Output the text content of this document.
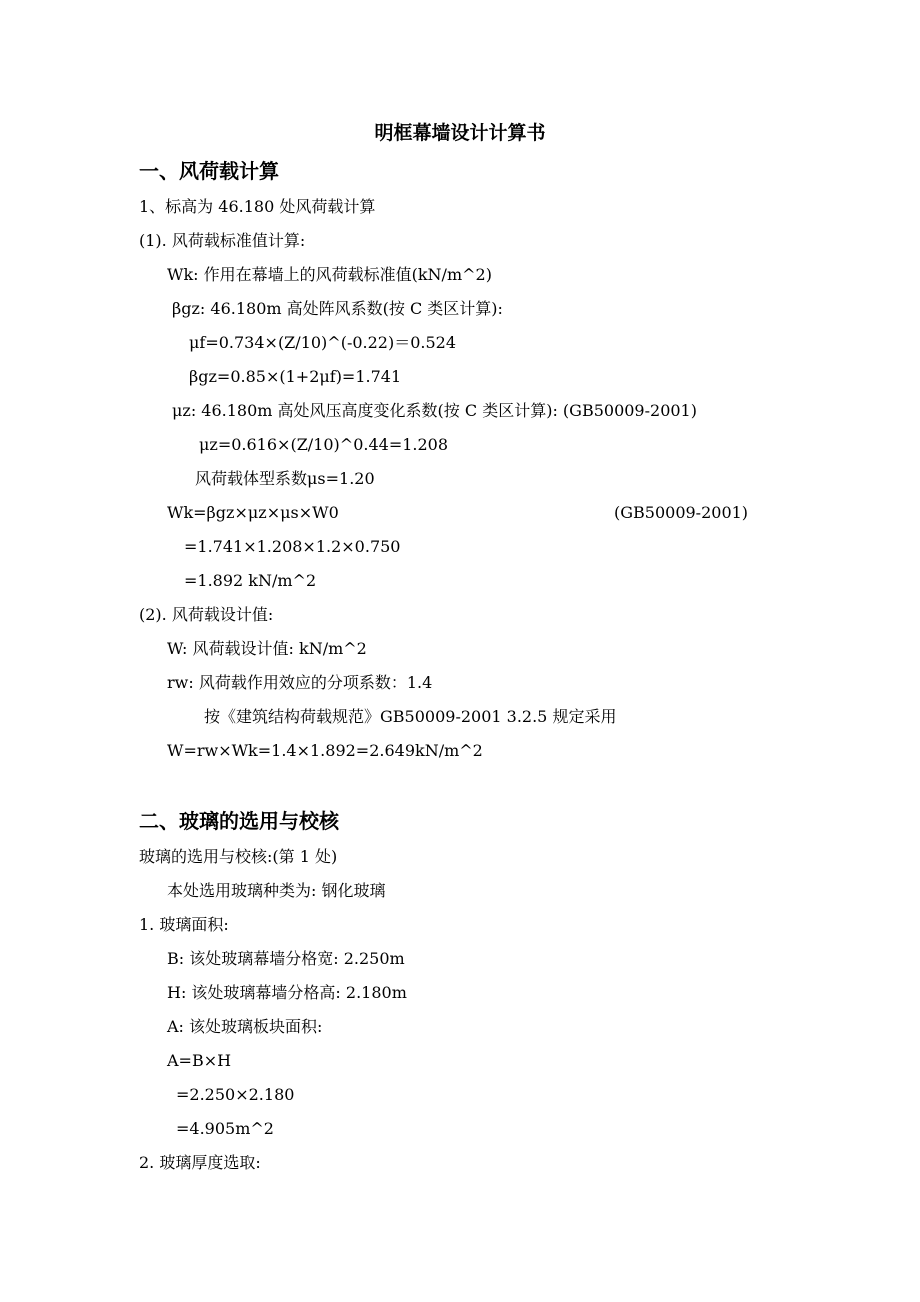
明框幕墙设计计算书
一、风荷载计算
1、标高为 46.180 处风荷载计算
(1). 风荷载标准值计算:
Wk: 作用在幕墙上的风荷载标准值(kN/m^2)
βgz: 46.180m 高处阵风系数(按 C 类区计算):
μf=0.734×(Z/10)^(-0.22)＝0.524
βgz=0.85×(1+2μf)=1.741
μz: 46.180m 高处风压高度变化系数(按 C 类区计算): (GB50009-2001)
μz=0.616×(Z/10)^0.44=1.208
风荷载体型系数μs=1.20
Wk=βgz×μz×μs×W0	(GB50009-2001)
=1.741×1.208×1.2×0.750
=1.892 kN/m^2
(2). 风荷载设计值:
W: 风荷载设计值: kN/m^2
rw: 风荷载作用效应的分项系数：1.4
按《建筑结构荷载规范》GB50009-2001 3.2.5 规定采用
W=rw×Wk=1.4×1.892=2.649kN/m^2
二、玻璃的选用与校核
玻璃的选用与校核:(第 1 处)
本处选用玻璃种类为: 钢化玻璃
1. 玻璃面积:
B: 该处玻璃幕墙分格宽: 2.250m
H: 该处玻璃幕墙分格高: 2.180m
A: 该处玻璃板块面积:
A=B×H
=2.250×2.180
=4.905m^2
2. 玻璃厚度选取:
